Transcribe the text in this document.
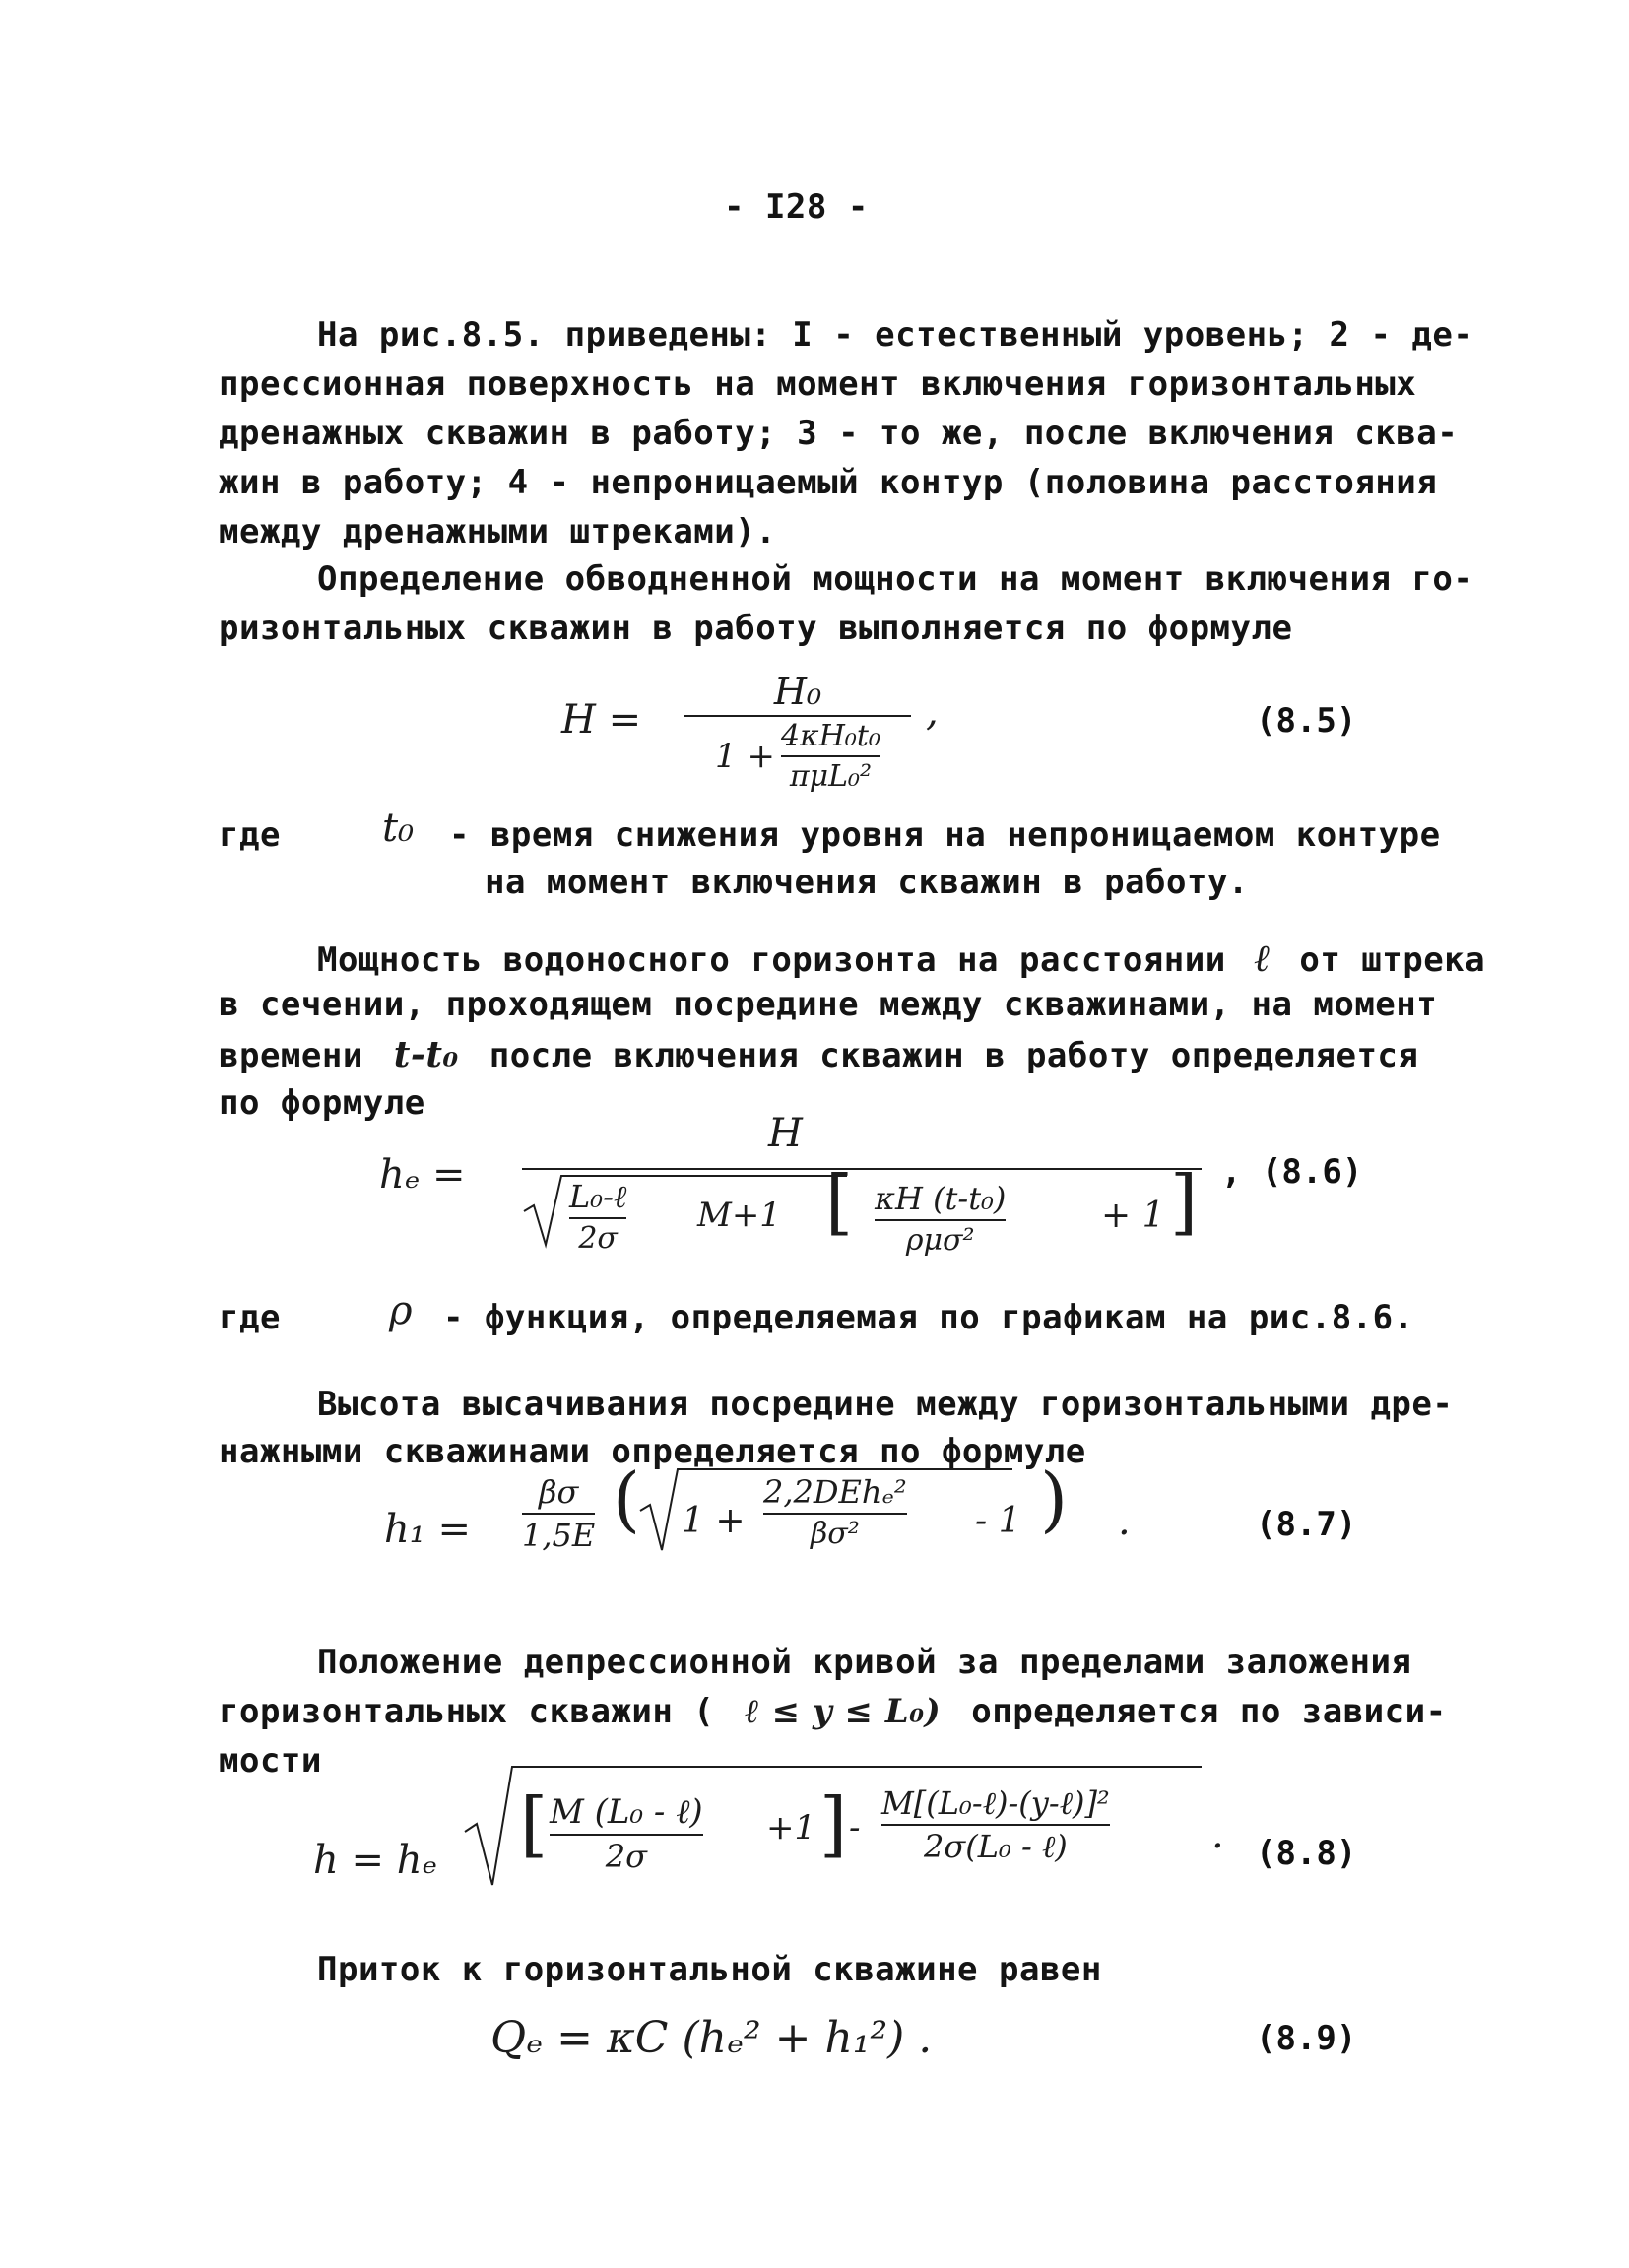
- I28 -
На рис.8.5. приведены: I - естественный уровень; 2 - де-
прессионная поверхность на момент включения горизонтальных
дренажных скважин в работу; 3 - то же, после включения сква-
жин в работу; 4 - непроницаемый контур (половина расстояния
между дренажными штреками).
Определение обводненной мощности на момент включения го-
ризонтальных скважин в работу выполняется по формуле
H =
H₀
$1 + \frac{\text{4κH₀t₀}}{\text{πμL₀²}}$
,	(8.5)
где	t₀ - время снижения уровня на непроницаемом контуре
на момент включения скважин в работу.
Мощность водоносного горизонта на расстоянии ℓ от штрека
в сечении, проходящем посредине между скважинами, на момент
времени t-t₀ после включения скважин в работу определяется
по формуле
hₑ =
H
L₀-ℓ
2σ
M+1 [ κH (t-t₀)
ρμσ²
+ 1 ] , (8.6)
где	ρ - функция, определяемая по графикам на рис.8.6.
Высота высачивания посредине между горизонтальными дре-
нажными скважинами определяется по формуле
h₁ =
βσ
1,5E ( 1 +
2,2DEhₑ²
βσ²	- 1 ) .	(8.7)
Положение депрессионной кривой за пределами заложения
горизонтальных скважин ( ℓ ≤ y ≤ L₀) определяется по зависи-
мости
h = hₑ [ M (L₀ - ℓ)
2σ
+1 ] -
M[(L₀-ℓ)-(y-ℓ)]²
2σ(L₀ - ℓ)	. (8.8)
Приток к горизонтальной скважине равен
Qₑ = κC (hₑ² + h₁²) .	(8.9)
